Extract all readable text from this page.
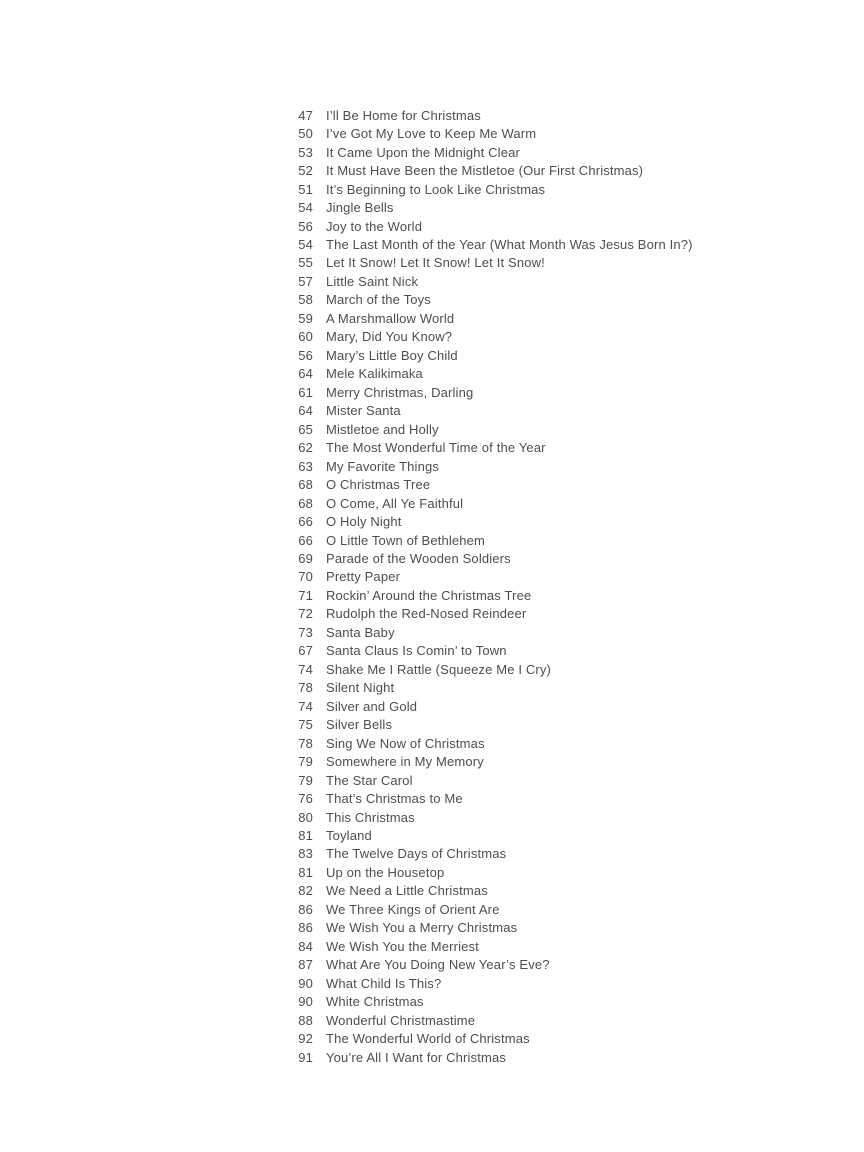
47 I’ll Be Home for Christmas
50 I’ve Got My Love to Keep Me Warm
53 It Came Upon the Midnight Clear
52 It Must Have Been the Mistletoe (Our First Christmas)
51 It’s Beginning to Look Like Christmas
54 Jingle Bells
56 Joy to the World
54 The Last Month of the Year (What Month Was Jesus Born In?)
55 Let It Snow! Let It Snow! Let It Snow!
57 Little Saint Nick
58 March of the Toys
59 A Marshmallow World
60 Mary, Did You Know?
56 Mary’s Little Boy Child
64 Mele Kalikimaka
61 Merry Christmas, Darling
64 Mister Santa
65 Mistletoe and Holly
62 The Most Wonderful Time of the Year
63 My Favorite Things
68 O Christmas Tree
68 O Come, All Ye Faithful
66 O Holy Night
66 O Little Town of Bethlehem
69 Parade of the Wooden Soldiers
70 Pretty Paper
71 Rockin’ Around the Christmas Tree
72 Rudolph the Red-Nosed Reindeer
73 Santa Baby
67 Santa Claus Is Comin’ to Town
74 Shake Me I Rattle (Squeeze Me I Cry)
78 Silent Night
74 Silver and Gold
75 Silver Bells
78 Sing We Now of Christmas
79 Somewhere in My Memory
79 The Star Carol
76 That’s Christmas to Me
80 This Christmas
81 Toyland
83 The Twelve Days of Christmas
81 Up on the Housetop
82 We Need a Little Christmas
86 We Three Kings of Orient Are
86 We Wish You a Merry Christmas
84 We Wish You the Merriest
87 What Are You Doing New Year’s Eve?
90 What Child Is This?
90 White Christmas
88 Wonderful Christmastime
92 The Wonderful World of Christmas
91 You’re All I Want for Christmas
